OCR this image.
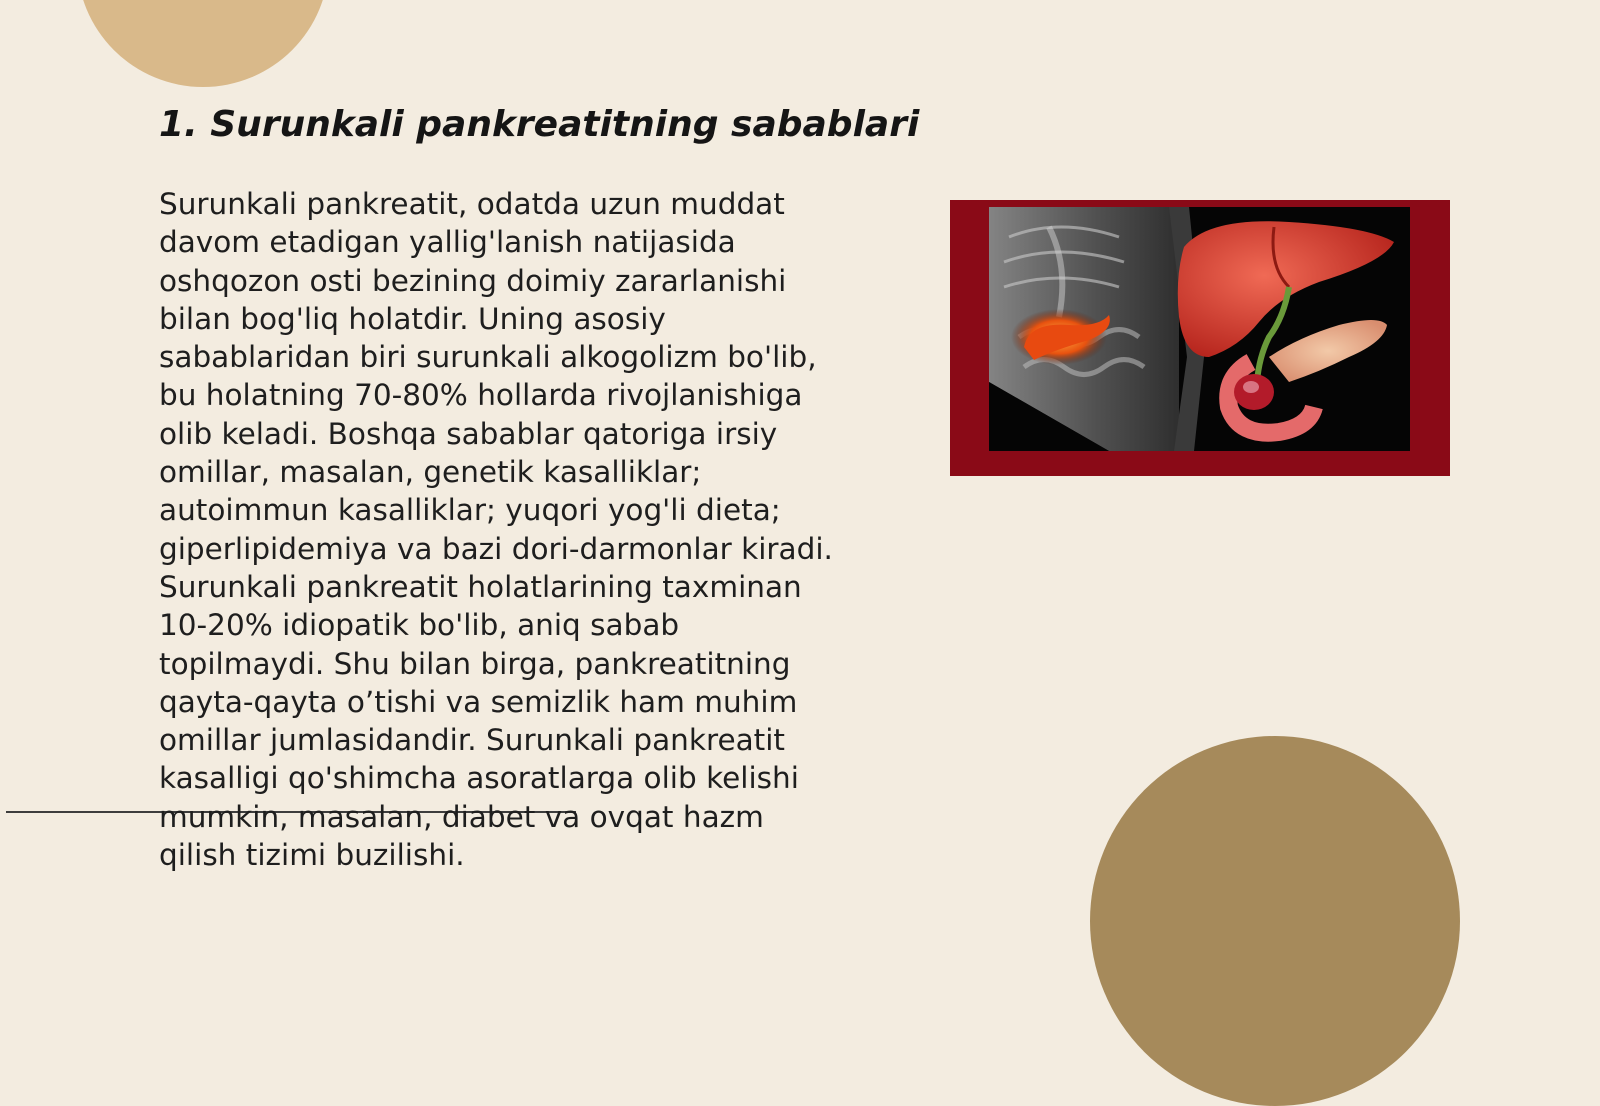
1. Surunkali pankreatitning sabablari

Surunkali pankreatit, odatda uzun muddat davom etadigan yallig'lanish natijasida oshqozon osti bezining doimiy zararlanishi bilan bog'liq holatdir. Uning asosiy sabablaridan biri surunkali alkogolizm bo'lib, bu holatning 70-80% hollarda rivojlanishiga olib keladi. Boshqa sabablar qatoriga irsiy omillar, masalan, genetik kasalliklar; autoimmun kasalliklar; yuqori yog'li dieta; giperlipidemiya va bazi dori-darmonlar kiradi. Surunkali pankreatit holatlarining taxminan 10-20% idiopatik bo'lib, aniq sabab topilmaydi. Shu bilan birga, pankreatitning qayta-qayta o’tishi va semizlik ham muhim omillar jumlasidandir. Surunkali pankreatit kasalligi qo'shimcha asoratlarga olib kelishi mumkin, masalan, diabet va ovqat hazm qilish tizimi buzilishi.
